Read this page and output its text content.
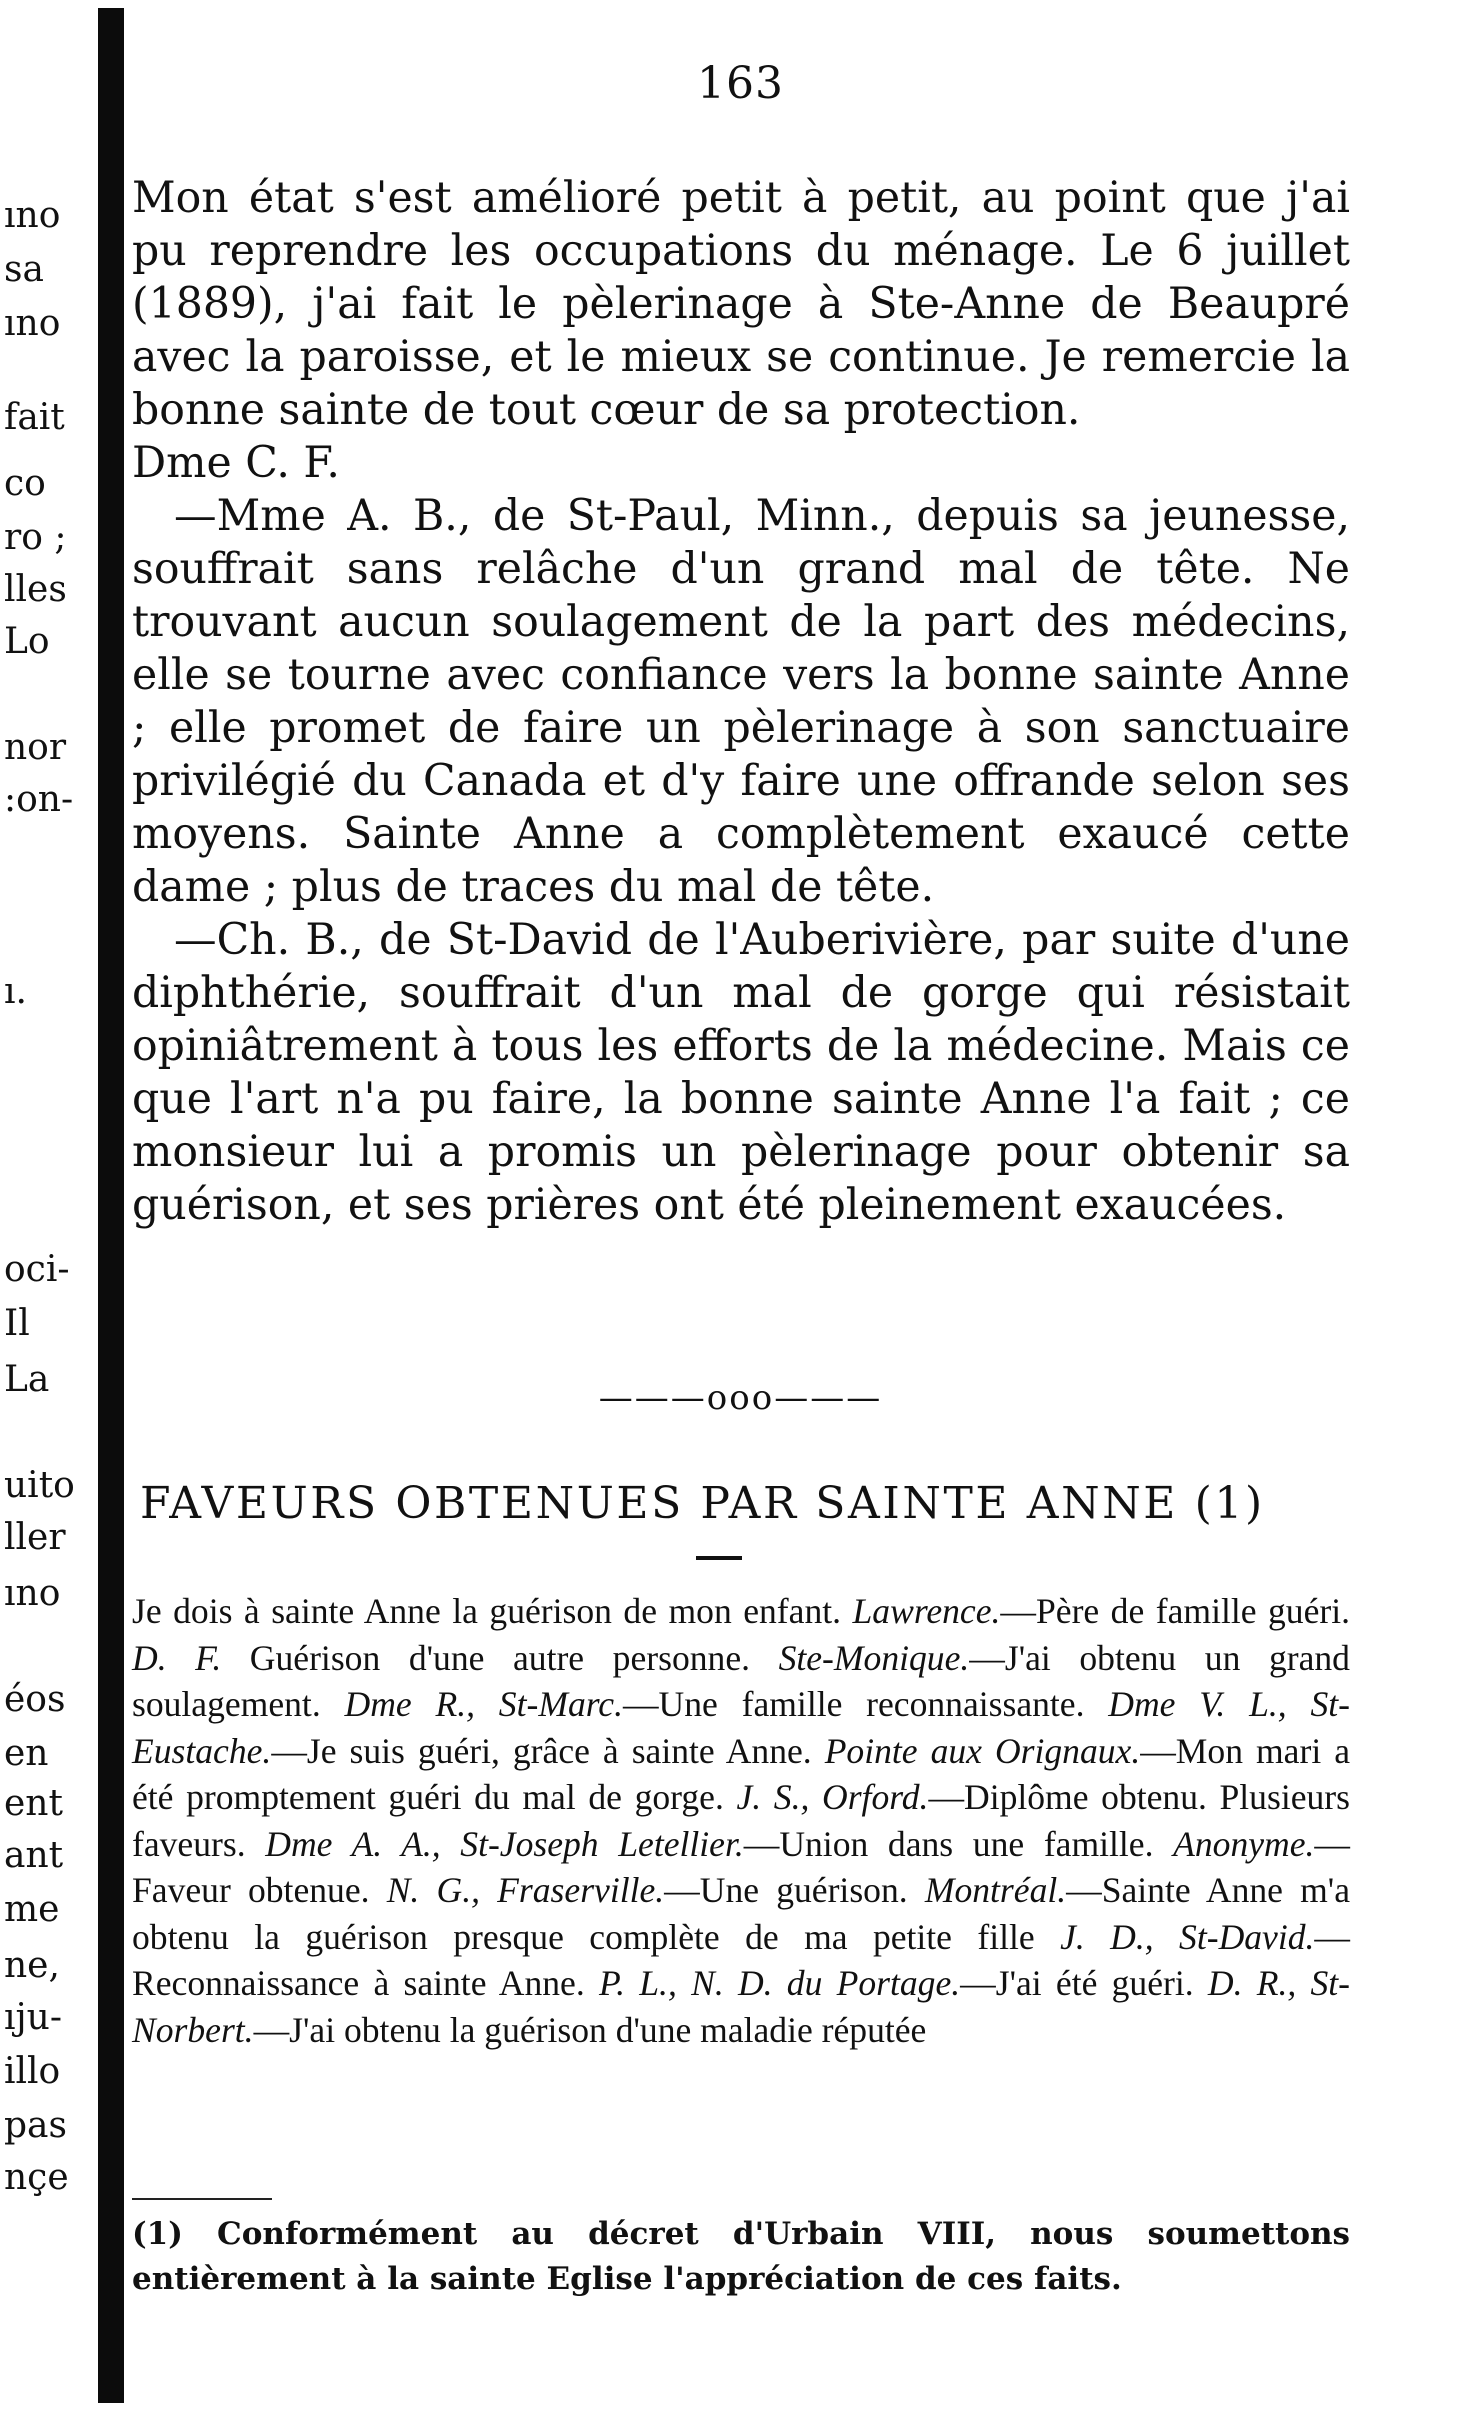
ıno
sa
ıno
fait
co
ro ;
lles
Lo
nor
:on-
ı.
oci-
Il
La
uito
ller
ıno
éos
en
ent
ant
me
ne,
ıju-
illo
pas
nçe
163

Mon état s'est amélioré petit à petit, au point que j'ai pu reprendre les occupations du ménage. Le 6 juillet (1889), j'ai fait le pèlerinage à Ste-Anne de Beaupré avec la paroisse, et le mieux se continue. Je remercie la bonne sainte de tout cœur de sa protection.

Dme C. F.

—Mme A. B., de St-Paul, Minn., depuis sa jeunesse, souffrait sans relâche d'un grand mal de tête. Ne trouvant aucun soulagement de la part des médecins, elle se tourne avec confiance vers la bonne sainte Anne ; elle promet de faire un pèlerinage à son sanctuaire privilégié du Canada et d'y faire une offrande selon ses moyens. Sainte Anne a complètement exaucé cette dame ; plus de traces du mal de tête.

—Ch. B., de St-David de l'Auberivière, par suite d'une diphthérie, souffrait d'un mal de gorge qui résistait opiniâtrement à tous les efforts de la médecine. Mais ce que l'art n'a pu faire, la bonne sainte Anne l'a fait ; ce monsieur lui a promis un pèlerinage pour obtenir sa guérison, et ses prières ont été pleinement exaucées.

———ooo———
FAVEURS OBTENUES PAR SAINTE ANNE (1)

Je dois à sainte Anne la guérison de mon enfant. Lawrence.—Père de famille guéri. D. F. Guérison d'une autre personne. Ste-Monique.—J'ai obtenu un grand soulagement. Dme R., St-Marc.—Une famille reconnaissante. Dme V. L., St-Eustache.—Je suis guéri, grâce à sainte Anne. Pointe aux Orignaux.—Mon mari a été promptement guéri du mal de gorge. J. S., Orford.—Diplôme obtenu. Plusieurs faveurs. Dme A. A., St-Joseph Letellier.—Union dans une famille. Anonyme.—Faveur obtenue. N. G., Fraserville.—Une guérison. Montréal.—Sainte Anne m'a obtenu la guérison presque complète de ma petite fille J. D., St-David.—Reconnaissance à sainte Anne. P. L., N. D. du Portage.—J'ai été guéri. D. R., St-Norbert.—J'ai obtenu la guérison d'une maladie réputée

(1) Conformément au décret d'Urbain VIII, nous soumettons entièrement à la sainte Eglise l'appréciation de ces faits.
